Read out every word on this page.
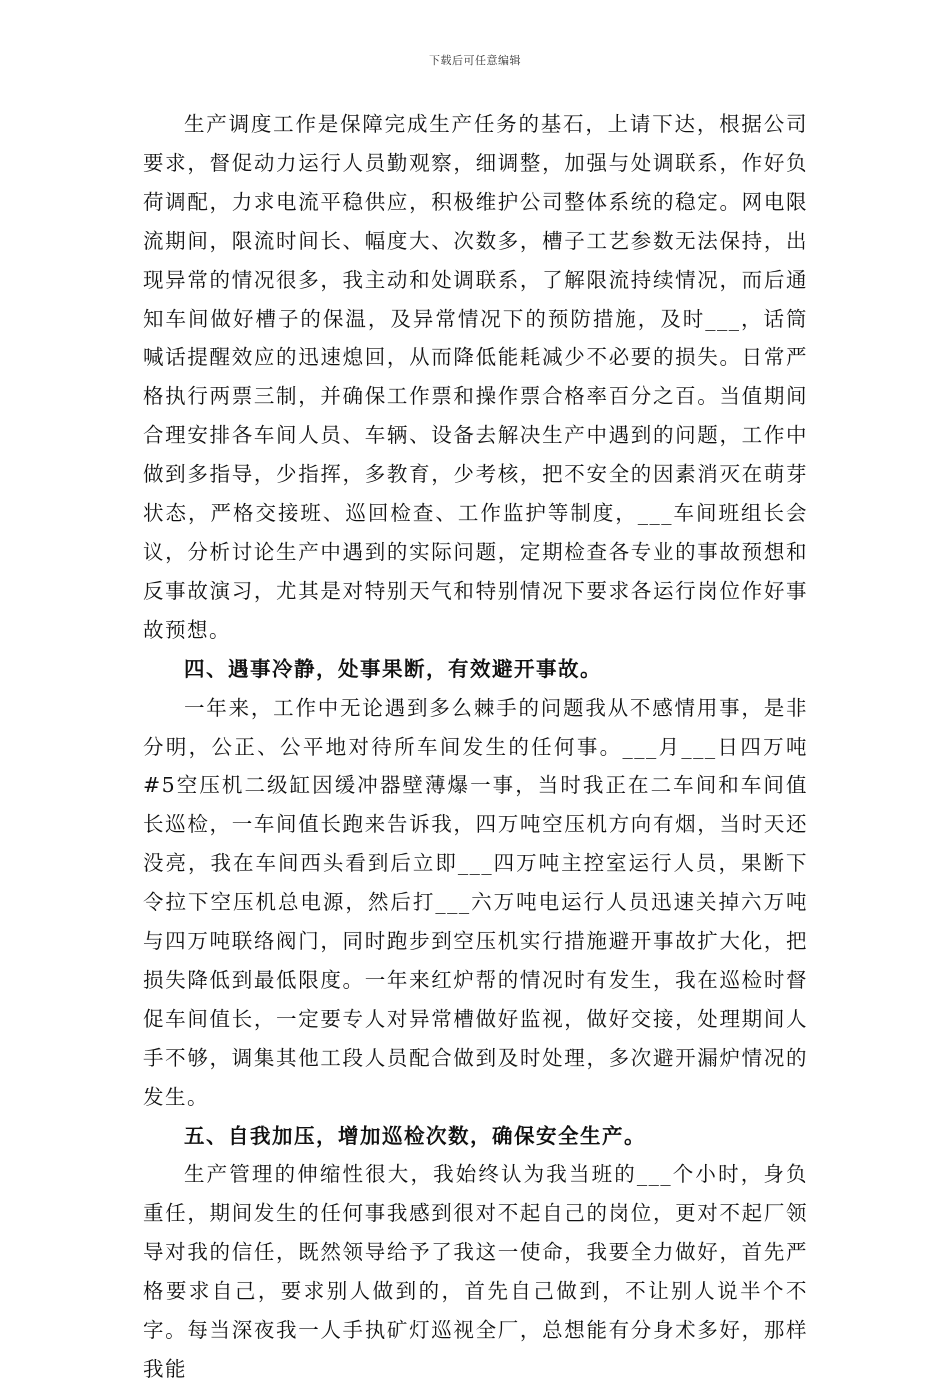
下载后可任意编辑

生产调度工作是保障完成生产任务的基石，上请下达，根据公司要求，督促动力运行人员勤观察，细调整，加强与处调联系，作好负荷调配，力求电流平稳供应，积极维护公司整体系统的稳定。网电限流期间，限流时间长、幅度大、次数多，槽子工艺参数无法保持，出现异常的情况很多，我主动和处调联系，了解限流持续情况，而后通知车间做好槽子的保温，及异常情况下的预防措施，及时___，话筒喊话提醒效应的迅速熄回，从而降低能耗减少不必要的损失。日常严格执行两票三制，并确保工作票和操作票合格率百分之百。当值期间合理安排各车间人员、车辆、设备去解决生产中遇到的问题，工作中做到多指导，少指挥，多教育，少考核，把不安全的因素消灭在萌芽状态，严格交接班、巡回检查、工作监护等制度，___车间班组长会议，分析讨论生产中遇到的实际问题，定期检查各专业的事故预想和反事故演习，尤其是对特别天气和特别情况下要求各运行岗位作好事故预想。

四、遇事冷静，处事果断，有效避开事故。

一年来，工作中无论遇到多么棘手的问题我从不感情用事，是非分明，公正、公平地对待所车间发生的任何事。___月___日四万吨#5空压机二级缸因缓冲器壁薄爆一事，当时我正在二车间和车间值长巡检，一车间值长跑来告诉我，四万吨空压机方向有烟，当时天还没亮，我在车间西头看到后立即___四万吨主控室运行人员，果断下令拉下空压机总电源，然后打___六万吨电运行人员迅速关掉六万吨与四万吨联络阀门，同时跑步到空压机实行措施避开事故扩大化，把损失降低到最低限度。一年来红炉帮的情况时有发生，我在巡检时督促车间值长，一定要专人对异常槽做好监视，做好交接，处理期间人手不够，调集其他工段人员配合做到及时处理，多次避开漏炉情况的发生。

五、自我加压，增加巡检次数，确保安全生产。

生产管理的伸缩性很大，我始终认为我当班的___个小时，身负重任，期间发生的任何事我感到很对不起自己的岗位，更对不起厂领导对我的信任，既然领导给予了我这一使命，我要全力做好，首先严格要求自己，要求别人做到的，首先自己做到，不让别人说半个不字。每当深夜我一人手执矿灯巡视全厂，总想能有分身术多好，那样我能
